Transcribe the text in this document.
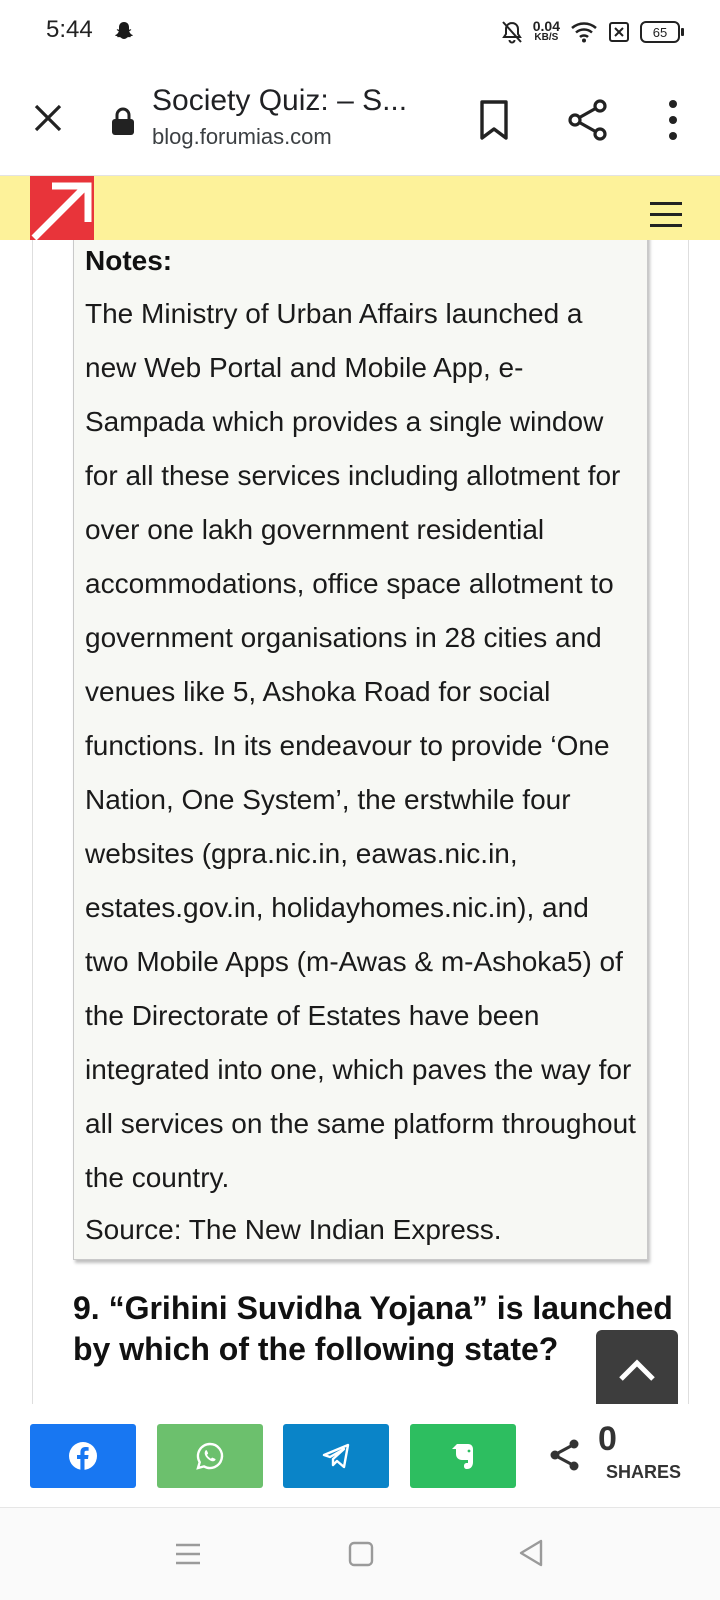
5:44	0.04
KB/S	65
Society Quiz: – S...
blog.forumias.com
Notes:
The Ministry of Urban Affairs launched a new Web Portal and Mobile App, e-Sampada which provides a single window for all these services including allotment for over one lakh government residential accommodations, office space allotment to government organisations in 28 cities and venues like 5, Ashoka Road for social functions. In its endeavour to provide ‘One Nation, One System’, the erstwhile four websites (gpra.nic.in, eawas.nic.in, estates.gov.in, holidayhomes.nic.in), and two Mobile Apps (m-Awas & m-Ashoka5) of the Directorate of Estates have been integrated into one, which paves the way for all services on the same platform throughout the country.
Source: The New Indian Express.
9. “Grihini Suvidha Yojana” is launched by which of the following state?
0
SHARES
